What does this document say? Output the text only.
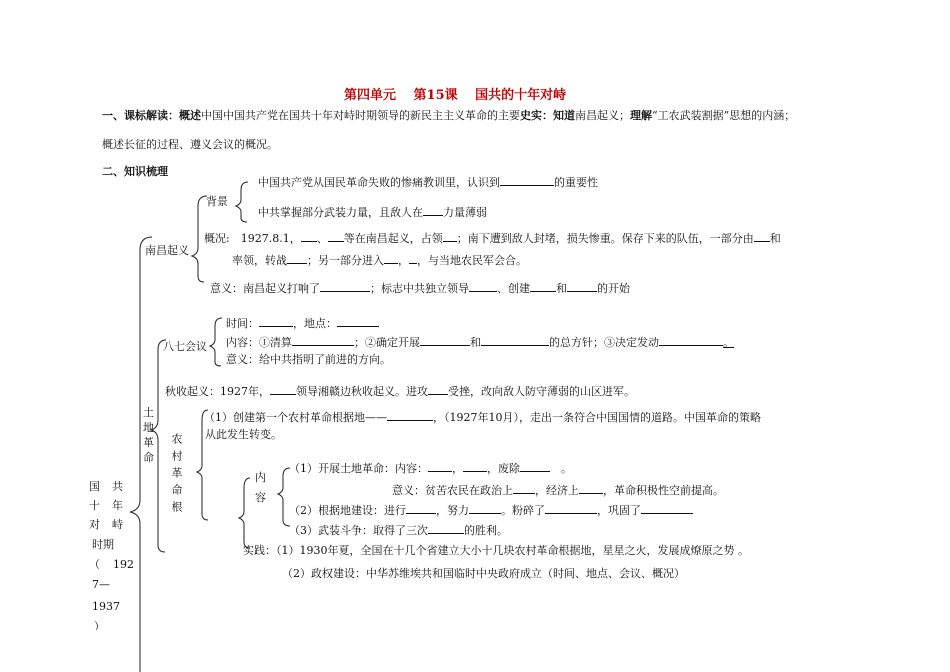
第四单元　 第15课　 国共的十年对峙
一、课标解读：概述中国中国共产党在国共十年对峙时期领导的新民主主义革命的主要史实：知道南昌起义；理解“工农武装割据”思想的内涵；
概述长征的过程、遵义会议的概况。
二、知识梳理
国 共
十 年
对 峙
时期
（ 192
7—
1937
）
南昌起义
背景
中国共产党从国民革命失败的惨痛教训里，认识到	的重要性
中共掌握部分武装力量，且敌人在 力量薄弱
概况:　1927.8.1， 、 等在南昌起义，占领 ；南下遭到敌人封堵，损失惨重。保存下来的队伍，一部分由 和
率领，转战 ；另一部分进入 ， ，与当地农民军会合。
意义：南昌起义打响了	；标志中共独立领导	、创建 和	的开始
土地革命
八七会议
时间：	，地点：
内容：①清算	；②确定开展	和	的总方针；③决定发动	。
意义：给中共指明了前进的方向。
秋收起义：1927年， 领导湘赣边秋收起义。进攻 受挫，改向敌人防守薄弱的山区进军。
农村革命根
（1）创建第一个农村革命根据地——	，（1927年10月），走出一条符合中国国情的道路。中国革命的策略
从此发生转变。
内容
（1）开展土地革命：内容： ， ，废除　	。
意义：贫苦农民在政治上 ，经济上 ，革命积极性空前提高。
（2）根据地建设：进行	，努力	。粉碎了	，巩固了
（3）武装斗争：取得了三次	的胜利。
实践：（1）1930年夏，全国在十几个省建立大小十几块农村革命根据地，星星之火，发展成燎原之势 。
（2）政权建设：中华苏维埃共和国临时中央政府成立（时间、地点、会议、概况）
